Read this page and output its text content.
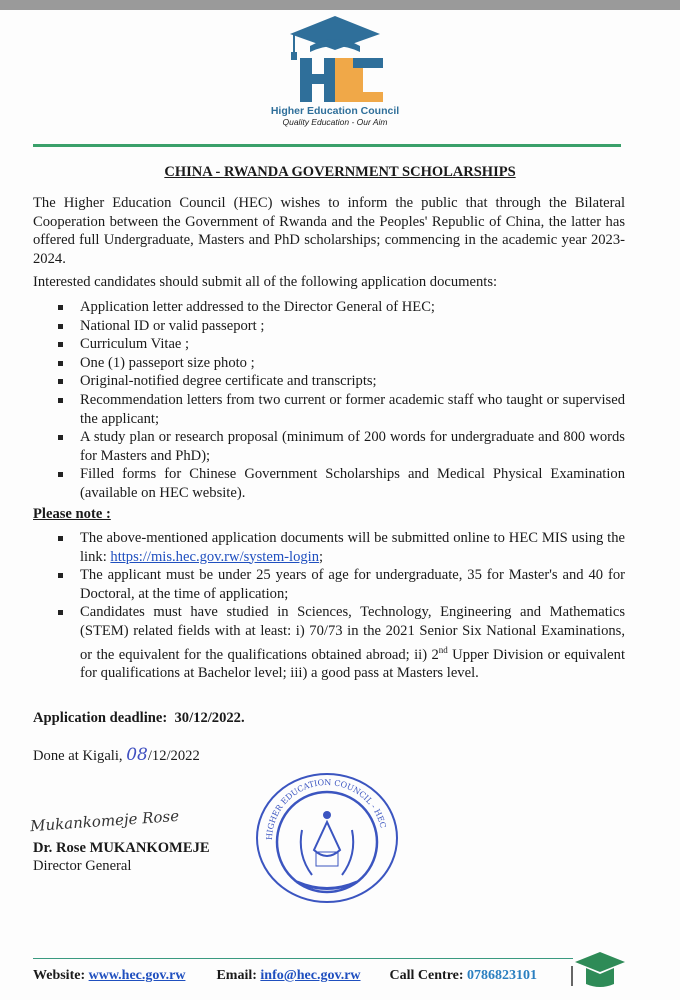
Higher Education Council
Quality Education - Our Aim
CHINA - RWANDA GOVERNMENT SCHOLARSHIPS
The Higher Education Council (HEC) wishes to inform the public that through the Bilateral Cooperation between the Government of Rwanda and the Peoples' Republic of China, the latter has offered full Undergraduate, Masters and PhD scholarships; commencing in the academic year 2023-2024.
Interested candidates should submit all of the following application documents:
Application letter addressed to the Director General of HEC;
National ID or valid passeport ;
Curriculum Vitae ;
One (1) passeport size photo ;
Original-notified degree certificate and transcripts;
Recommendation letters from two current or former academic staff who taught or supervised the applicant;
A study plan or research proposal (minimum of 200 words for undergraduate and 800 words for Masters and PhD);
Filled forms for Chinese Government Scholarships and Medical Physical Examination (available on HEC website).
Please note :
The above-mentioned application documents will be submitted online to HEC MIS using the link: https://mis.hec.gov.rw/system-login;
The applicant must be under 25 years of age for undergraduate, 35 for Master's and 40 for Doctoral, at the time of application;
Candidates must have studied in Sciences, Technology, Engineering and Mathematics (STEM) related fields with at least: i) 70/73 in the 2021 Senior Six National Examinations, or the equivalent for the qualifications obtained abroad; ii) 2nd Upper Division or equivalent for qualifications at Bachelor level; iii) a good pass at Masters level.
Application deadline: 30/12/2022.
Done at Kigali, 08/12/2022
Mukankomeje Rose
Dr. Rose MUKANKOMEJE
Director General
HIGHER EDUCATION COUNCIL - HEC
Website: www.hec.gov.rw Email: info@hec.gov.rw Call Centre: 0786823101
